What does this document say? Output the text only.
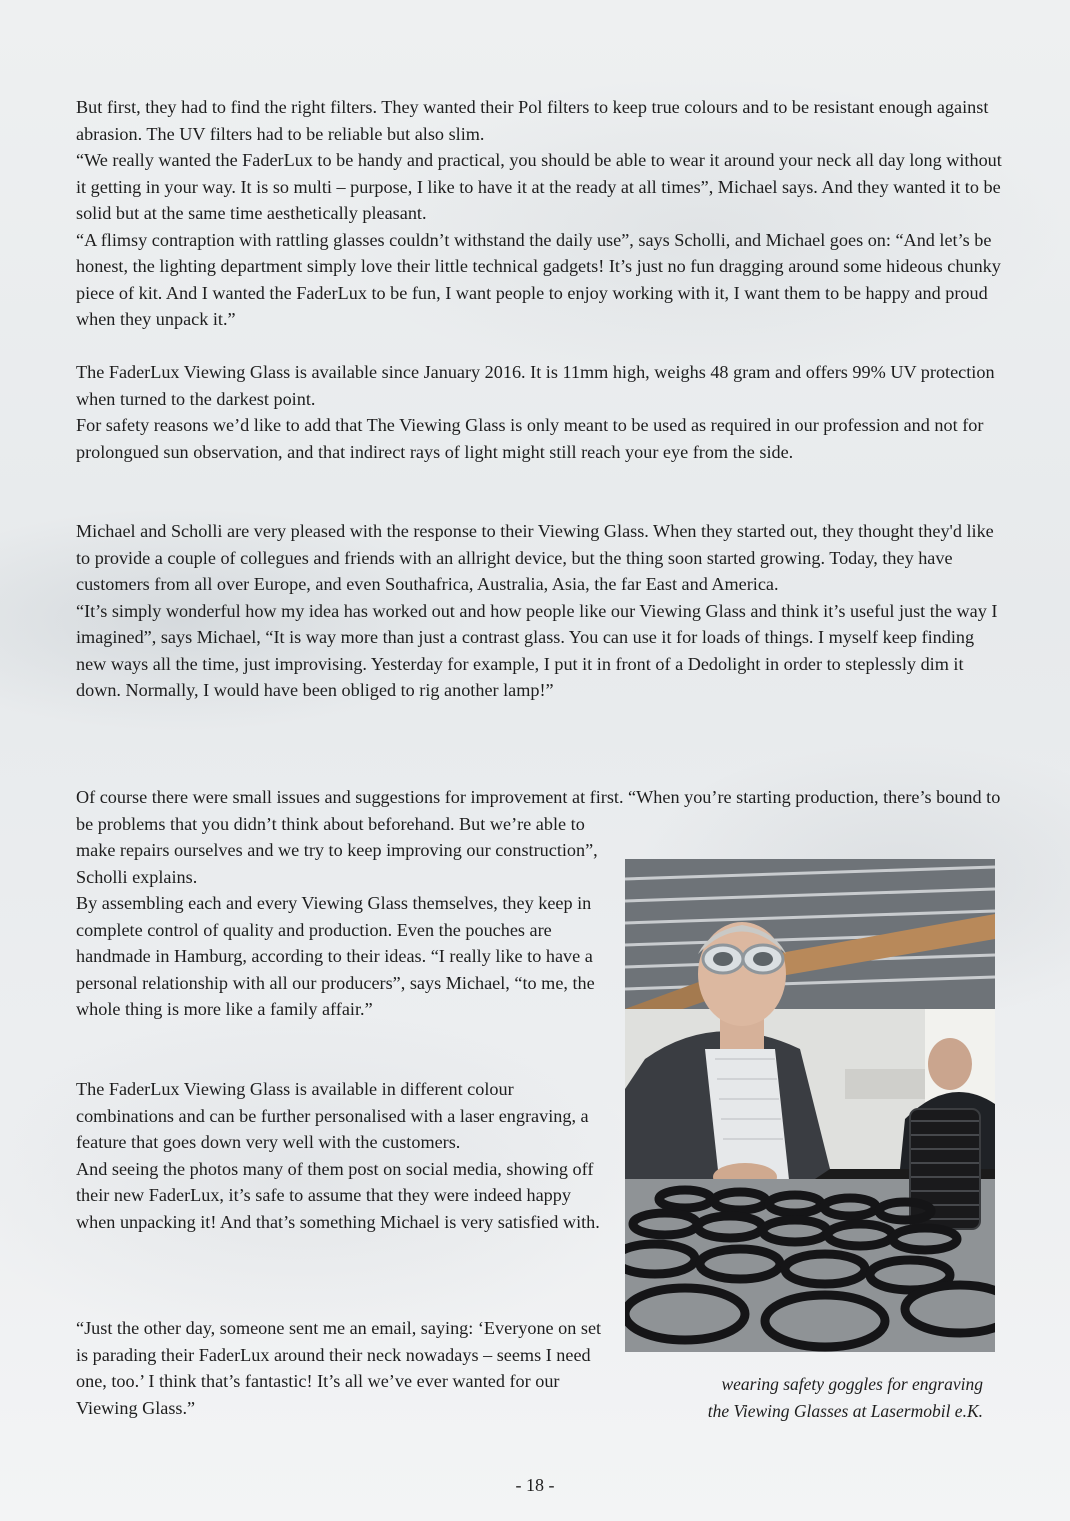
But first, they had to find the right filters. They wanted their Pol filters to keep true colours and to be resistant enough against abrasion. The UV filters had to be reliable but also slim.

“We really wanted the FaderLux to be handy and practical, you should be able to wear it around your neck all day long without it getting in your way. It is so multi – purpose, I like to have it at the ready at all times”, Michael says. And they wanted it to be solid but at the same time aesthetically pleasant.

“A flimsy contraption with rattling glasses couldn’t withstand the daily use”, says Scholli, and Michael goes on: “And let’s be honest, the lighting department simply love their little technical gadgets! It’s just no fun dragging around some hideous chunky piece of kit. And I wanted the FaderLux to be fun, I want people to enjoy working with it, I want them to be happy and proud when they unpack it.”

The FaderLux Viewing Glass is available since January 2016. It is 11mm high, weighs 48 gram and offers 99% UV protection when turned to the darkest point.

For safety reasons we’d like to add that The Viewing Glass is only meant to be used as required in our profession and not for prolongued sun observation, and that indirect rays of light might still reach your eye from the side.

Michael and Scholli are very pleased with the response to their Viewing Glass. When they started out, they thought they'd like to provide a couple of collegues and friends with an allright device, but the thing soon started growing. Today, they have customers from all over Europe, and even Southafrica, Australia, Asia, the far East and America.

“It’s simply wonderful how my idea has worked out and how people like our Viewing Glass and think it’s useful just the way I imagined”, says Michael, “It is way more than just a contrast glass. You can use it for loads of things. I myself keep finding new ways all the time, just improvising. Yesterday for example, I put it in front of a Dedolight in order to steplessly dim it down. Normally, I would have been obliged to rig another lamp!”

Of course there were small issues and suggestions for improvement at first. “When you’re starting production, there’s bound to be problems that you didn’t think about beforehand. But we’re able to

make repairs ourselves and we try to keep improving our construction”, Scholli explains.

By assembling each and every Viewing Glass themselves, they keep in complete control of quality and production. Even the pouches are handmade in Hamburg, according to their ideas. “I really like to have a personal relationship with all our producers”, says Michael, “to me, the whole thing is more like a family affair.”

The FaderLux Viewing Glass is available in different colour combinations and can be further personalised with a laser engraving, a feature that goes down very well with the customers.

And seeing the photos many of them post on social media, showing off their new FaderLux, it’s safe to assume that they were indeed happy when unpacking it! And that’s something Michael is very satisfied with.

“Just the other day, someone sent me an email, saying: ‘Everyone on set is parading their FaderLux around their neck nowadays – seems I need one, too.’ I think that’s fantastic! It’s all we’ve ever wanted for our Viewing Glass.”

wearing safety goggles for engraving

the Viewing Glasses at Lasermobil e.K.

- 18 -
